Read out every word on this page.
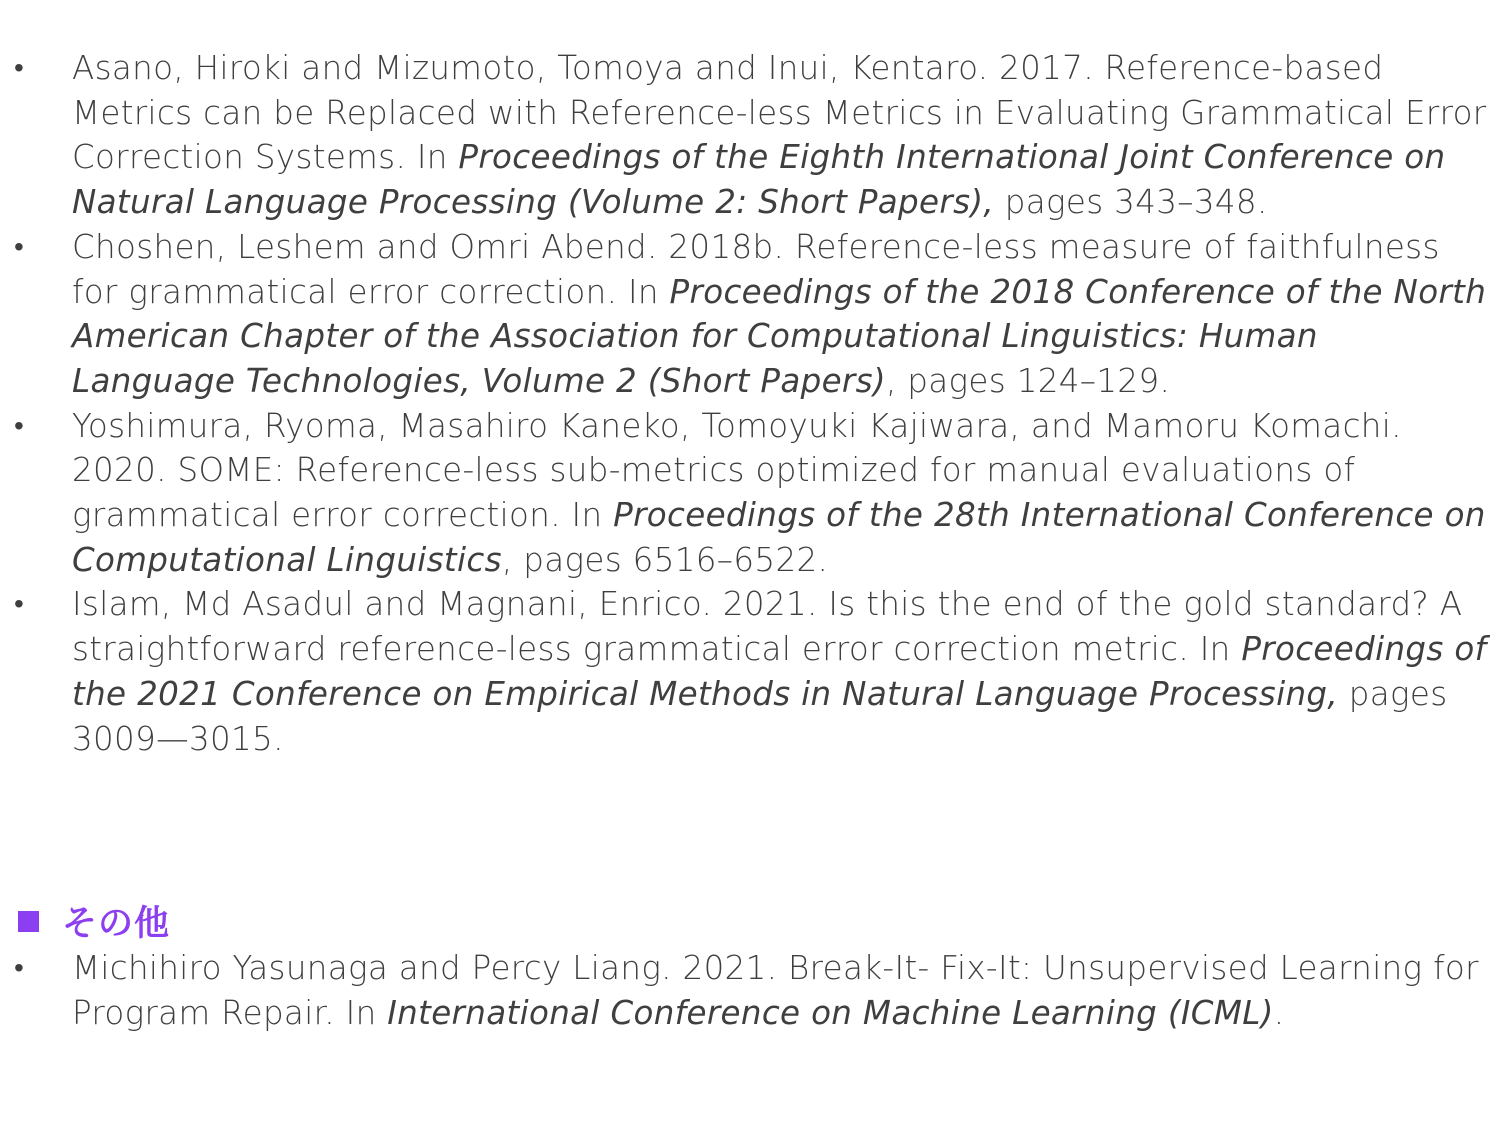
•	Asano, Hiroki and Mizumoto, Tomoya and Inui, Kentaro. 2017. Reference-based Metrics can be Replaced with Reference-less Metrics in Evaluating Grammatical Error Correction Systems. In Proceedings of the Eighth International Joint Conference on Natural Language Processing (Volume 2: Short Papers), pages 343–348.
•	Choshen, Leshem and Omri Abend. 2018b. Reference-less measure of faithfulness for grammatical error correction. In Proceedings of the 2018 Conference of the North American Chapter of the Association for Computational Linguistics: Human Language Technologies, Volume 2 (Short Papers), pages 124–129.
•	Yoshimura, Ryoma, Masahiro Kaneko, Tomoyuki Kajiwara, and Mamoru Komachi. 2020. SOME: Reference-less sub-metrics optimized for manual evaluations of grammatical error correction. In Proceedings of the 28th International Conference on Computational Linguistics, pages 6516–6522.
•	Islam, Md Asadul and Magnani, Enrico. 2021. Is this the end of the gold standard? A straightforward reference-less grammatical error correction metric. In Proceedings of the 2021 Conference on Empirical Methods in Natural Language Processing, pages 3009—3015.
その他
•	Michihiro Yasunaga and Percy Liang. 2021. Break-It- Fix-It: Unsupervised Learning for Program Repair. In International Conference on Machine Learning (ICML).
